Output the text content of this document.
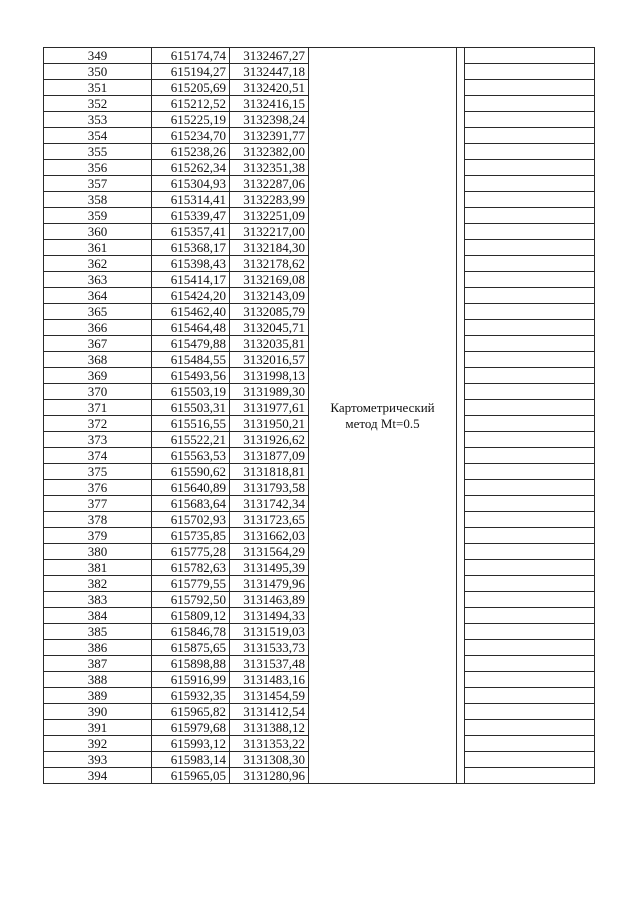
349	615174,74	3132467,27	Картометрический
метод Mt=0.5		

350	615194,27	3132447,18			
351	615205,69	3132420,51			
352	615212,52	3132416,15			
353	615225,19	3132398,24			
354	615234,70	3132391,77			
355	615238,26	3132382,00			
356	615262,34	3132351,38			
357	615304,93	3132287,06			
358	615314,41	3132283,99			
359	615339,47	3132251,09			
360	615357,41	3132217,00			
361	615368,17	3132184,30			
362	615398,43	3132178,62			
363	615414,17	3132169,08			
364	615424,20	3132143,09			
365	615462,40	3132085,79			
366	615464,48	3132045,71			
367	615479,88	3132035,81			
368	615484,55	3132016,57			
369	615493,56	3131998,13			
370	615503,19	3131989,30			
371	615503,31	3131977,61			
372	615516,55	3131950,21			
373	615522,21	3131926,62			
374	615563,53	3131877,09			
375	615590,62	3131818,81			
376	615640,89	3131793,58			
377	615683,64	3131742,34			
378	615702,93	3131723,65			
379	615735,85	3131662,03			
380	615775,28	3131564,29			
381	615782,63	3131495,39			
382	615779,55	3131479,96			
383	615792,50	3131463,89			
384	615809,12	3131494,33			
385	615846,78	3131519,03			
386	615875,65	3131533,73			
387	615898,88	3131537,48			
388	615916,99	3131483,16			
389	615932,35	3131454,59			
390	615965,82	3131412,54			
391	615979,68	3131388,12			
392	615993,12	3131353,22			
393	615983,14	3131308,30			
394	615965,05	3131280,96			
